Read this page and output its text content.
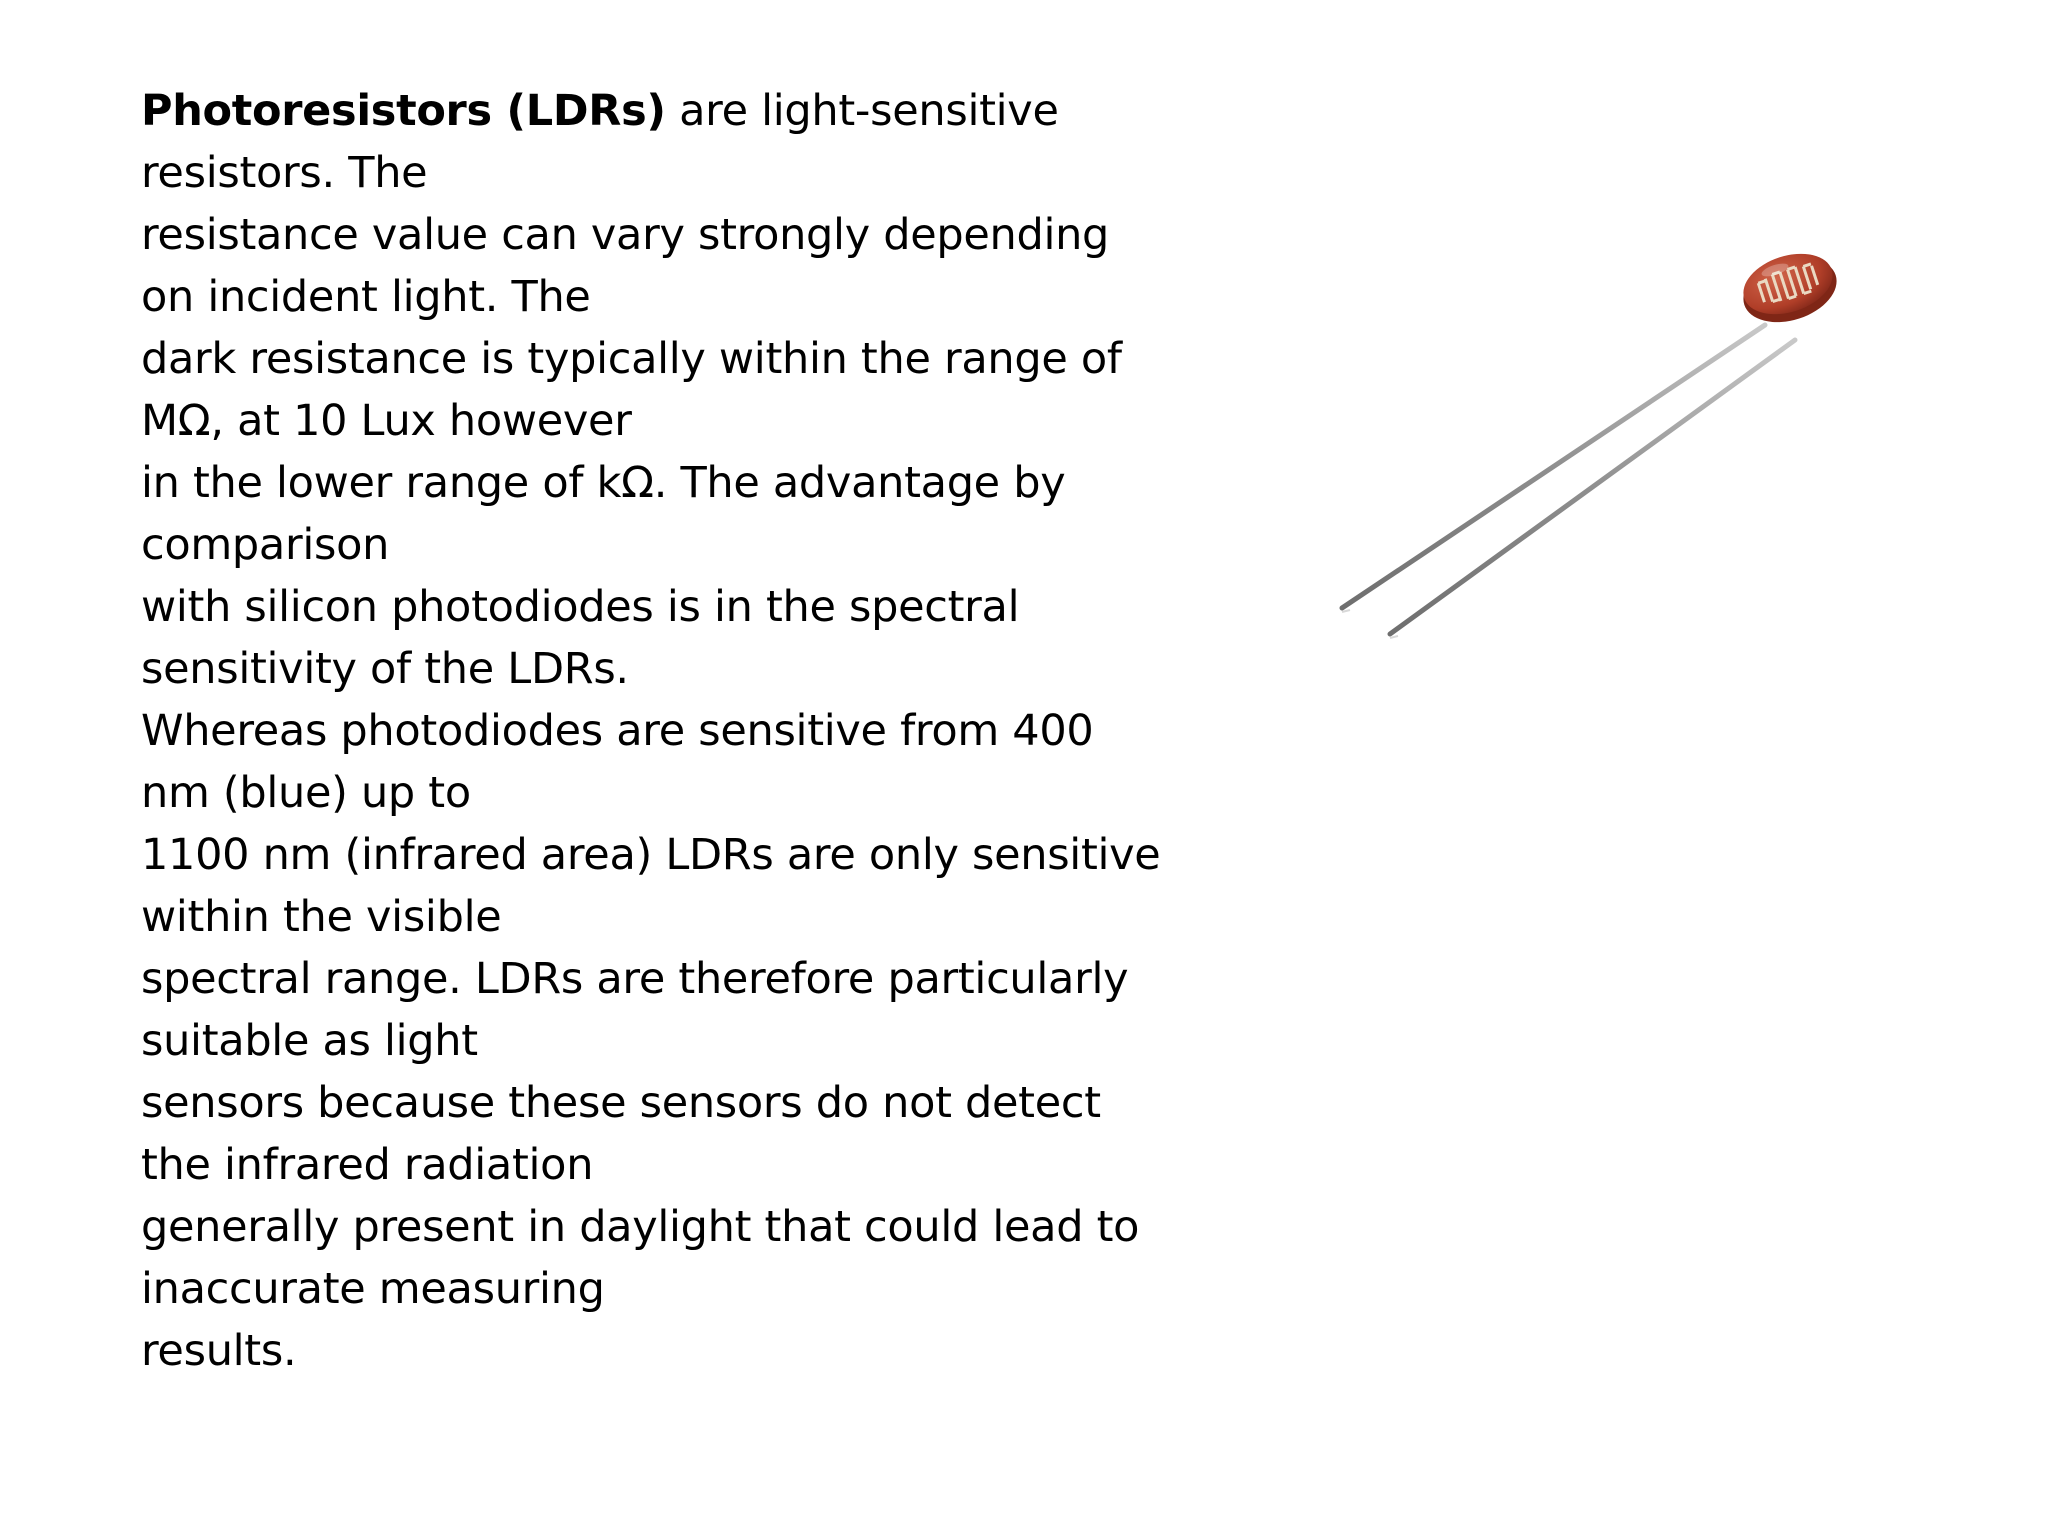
Photoresistors (LDRs) are light-sensitive
resistors. The
resistance value can vary strongly depending
on incident light. The
dark resistance is typically within the range of
MΩ, at 10 Lux however
in the lower range of kΩ. The advantage by
comparison
with silicon photodiodes is in the spectral
sensitivity of the LDRs.
Whereas photodiodes are sensitive from 400
nm (blue) up to
1100 nm (infrared area) LDRs are only sensitive
within the visible
spectral range. LDRs are therefore particularly
suitable as light
sensors because these sensors do not detect
the infrared radiation
generally present in daylight that could lead to
inaccurate measuring
results.
